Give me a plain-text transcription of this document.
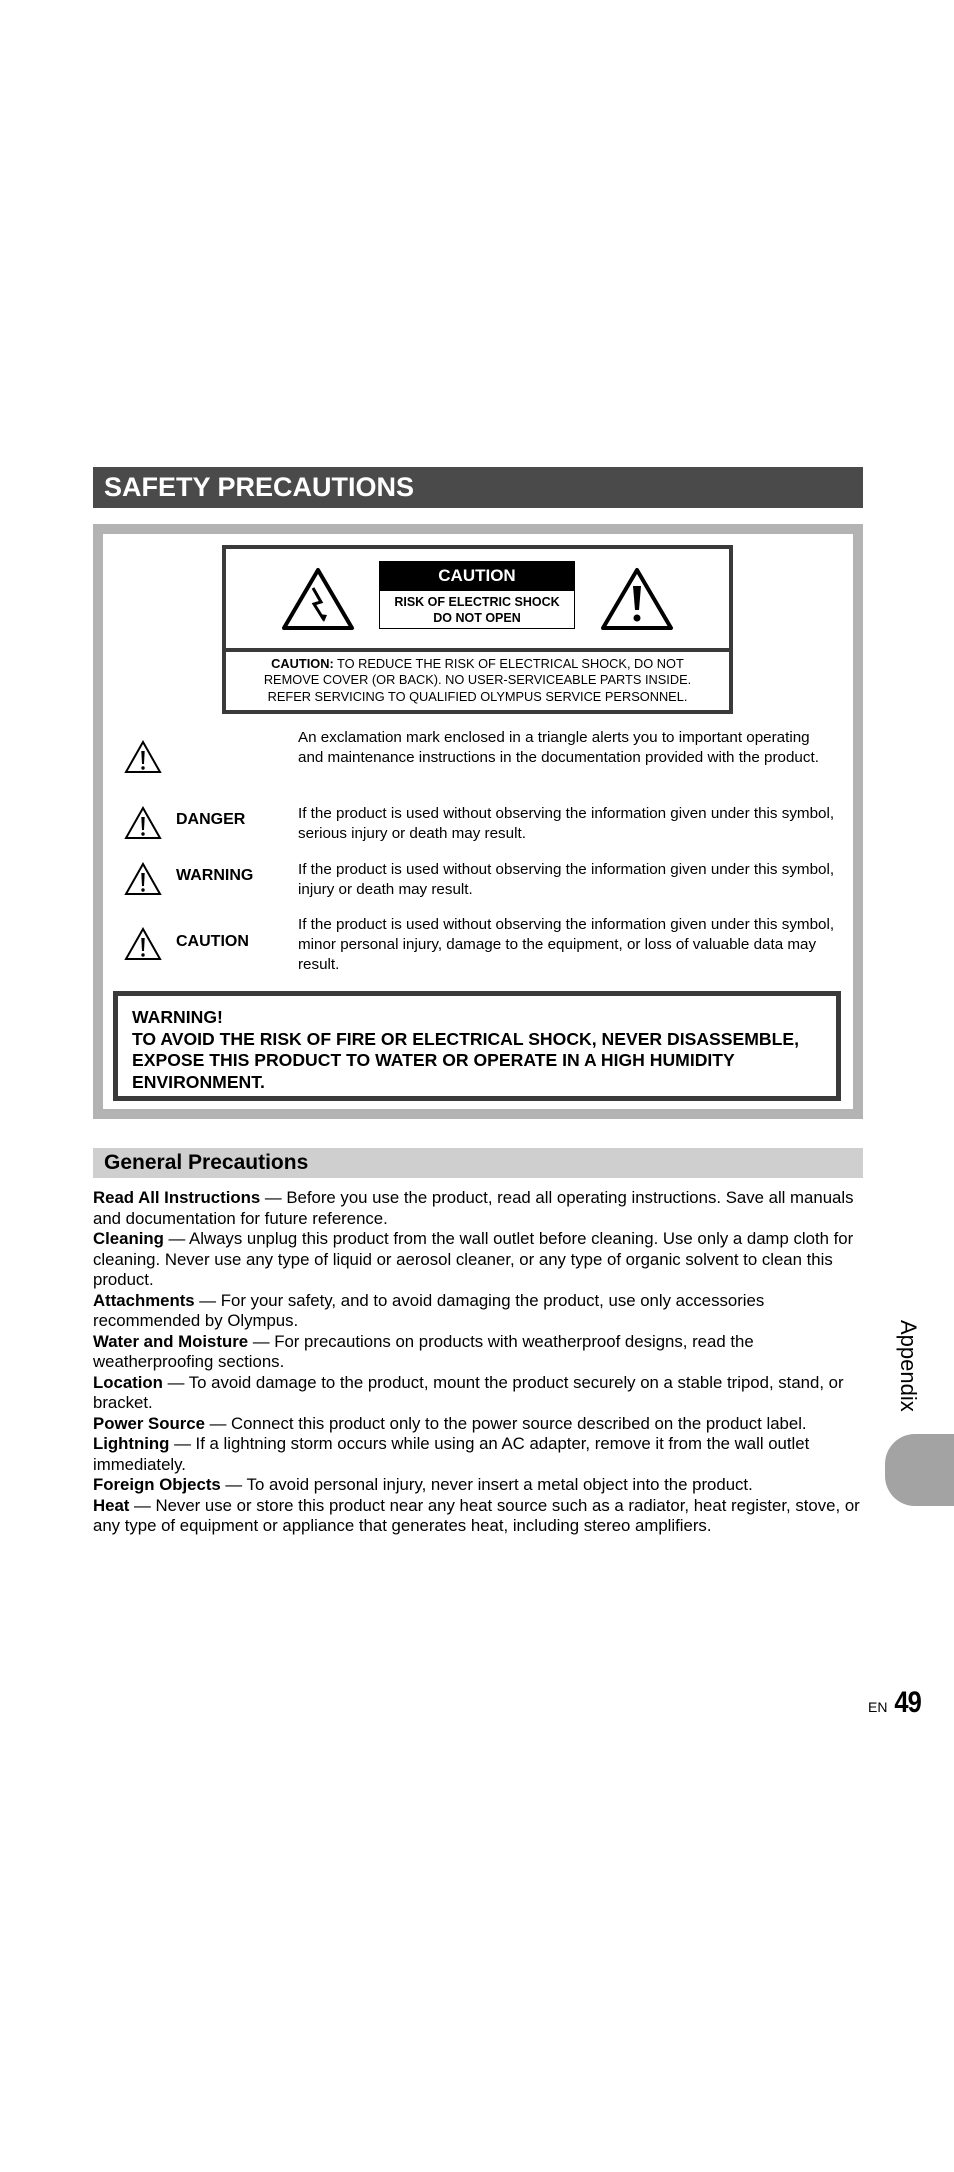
SAFETY PRECAUTIONS
CAUTION
RISK OF ELECTRIC SHOCK
DO NOT OPEN
CAUTION: TO REDUCE THE RISK OF ELECTRICAL SHOCK, DO NOT
REMOVE COVER (OR BACK). NO USER-SERVICEABLE PARTS INSIDE.
REFER SERVICING TO QUALIFIED OLYMPUS SERVICE PERSONNEL.
An exclamation mark enclosed in a triangle alerts you to important operating and maintenance instructions in the documentation provided with the product.
DANGER	If the product is used without observing the information given under this symbol, serious injury or death may result.
WARNING	If the product is used without observing the information given under this symbol, injury or death may result.
CAUTION
If the product is used without observing the information given under this symbol, minor personal injury, damage to the equipment, or loss of valuable data may result.
WARNING!
TO AVOID THE RISK OF FIRE OR ELECTRICAL SHOCK, NEVER DISASSEMBLE,
EXPOSE THIS PRODUCT TO WATER OR OPERATE IN A HIGH HUMIDITY
ENVIRONMENT.
General Precautions

Read All Instructions — Before you use the product, read all operating instructions. Save all manuals and documentation for future reference.

Cleaning — Always unplug this product from the wall outlet before cleaning. Use only a damp cloth for cleaning. Never use any type of liquid or aerosol cleaner, or any type of organic solvent to clean this product.

Attachments — For your safety, and to avoid damaging the product, use only accessories recommended by Olympus.

Water and Moisture — For precautions on products with weatherproof designs, read the weatherproofing sections.

Location — To avoid damage to the product, mount the product securely on a stable tripod, stand, or bracket.

Power Source — Connect this product only to the power source described on the product label.

Lightning — If a lightning storm occurs while using an AC adapter, remove it from the wall outlet immediately.

Foreign Objects — To avoid personal injury, never insert a metal object into the product.

Heat — Never use or store this product near any heat source such as a radiator, heat register, stove, or any type of equipment or appliance that generates heat, including stereo amplifiers.

Appendix
EN 49
